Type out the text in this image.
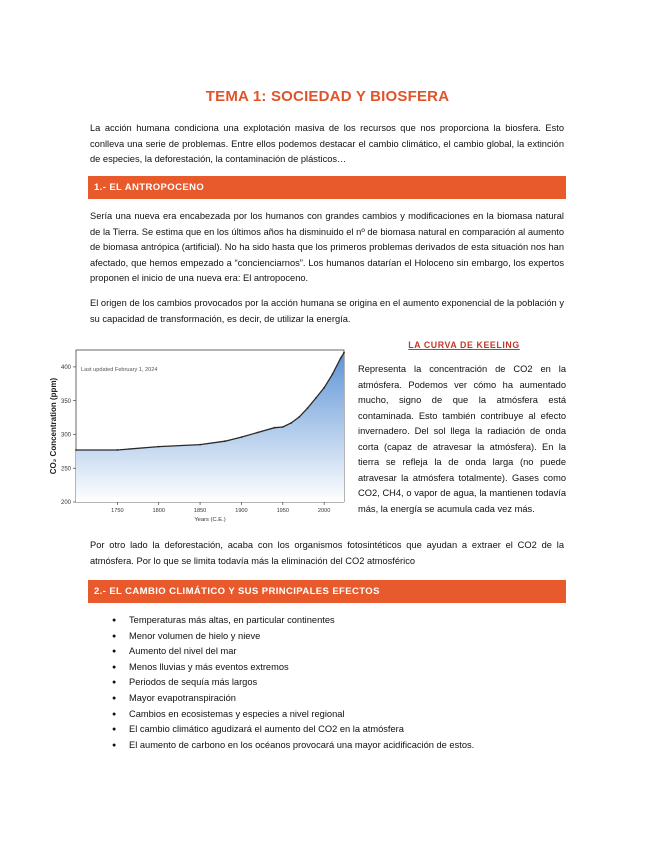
TEMA 1: SOCIEDAD Y BIOSFERA

La acción humana condiciona una explotación masiva de los recursos que nos proporciona la biosfera. Esto conlleva una serie de problemas. Entre ellos podemos destacar el cambio climático, el cambio global, la extinción de especies, la deforestación, la contaminación de plásticos…

1.- EL ANTROPOCENO

Sería una nueva era encabezada por los humanos con grandes cambios y modificaciones en la biomasa natural de la Tierra. Se estima que en los últimos años ha disminuido el nº de biomasa natural en comparación al aumento de biomasa antrópica (artificial). No ha sido hasta que los primeros problemas derivados de esta situación nos han afectado, que hemos empezado a “concienciarnos”. Los humanos datarían el Holoceno sin embargo, los expertos proponen el inicio de una nueva era: El antropoceno.

El origen de los cambios provocados por la acción humana se origina en el aumento exponencial de la población y su capacidad de transformación, es decir, de utilizar la energía.

200
250
300
350
400
1750	1800	1850	1900	1950	2000
Last updated February 1, 2024
Years (C.E.)
CO₂ Concentration (ppm)
LA CURVA DE KEELING

Representa la concentración de CO2 en la atmósfera. Podemos ver cómo ha aumentado mucho, signo de que la atmósfera está contaminada. Esto también contribuye al efecto invernadero. Del sol llega la radiación de onda corta (capaz de atravesar la atmósfera). En la tierra se refleja la de onda larga (no puede atravesar la atmósfera totalmente). Gases como CO2, CH4, o vapor de agua, la mantienen todavía más, la energía se acumula cada vez más.

Por otro lado la deforestación, acaba con los organismos fotosintéticos que ayudan a extraer el CO2 de la atmósfera. Por lo que se limita todavía más la eliminación del CO2 atmosférico

2.- EL CAMBIO CLIMÁTICO Y SUS PRINCIPALES EFECTOS
● Temperaturas más altas, en particular continentes
● Menor volumen de hielo y nieve
● Aumento del nivel del mar
● Menos lluvias y más eventos extremos
● Periodos de sequía más largos
● Mayor evapotranspiración
● Cambios en ecosistemas y especies a nivel regional
● El cambio climático agudizará el aumento del CO2 en la atmósfera
● El aumento de carbono en los océanos provocará una mayor acidificación de estos.
